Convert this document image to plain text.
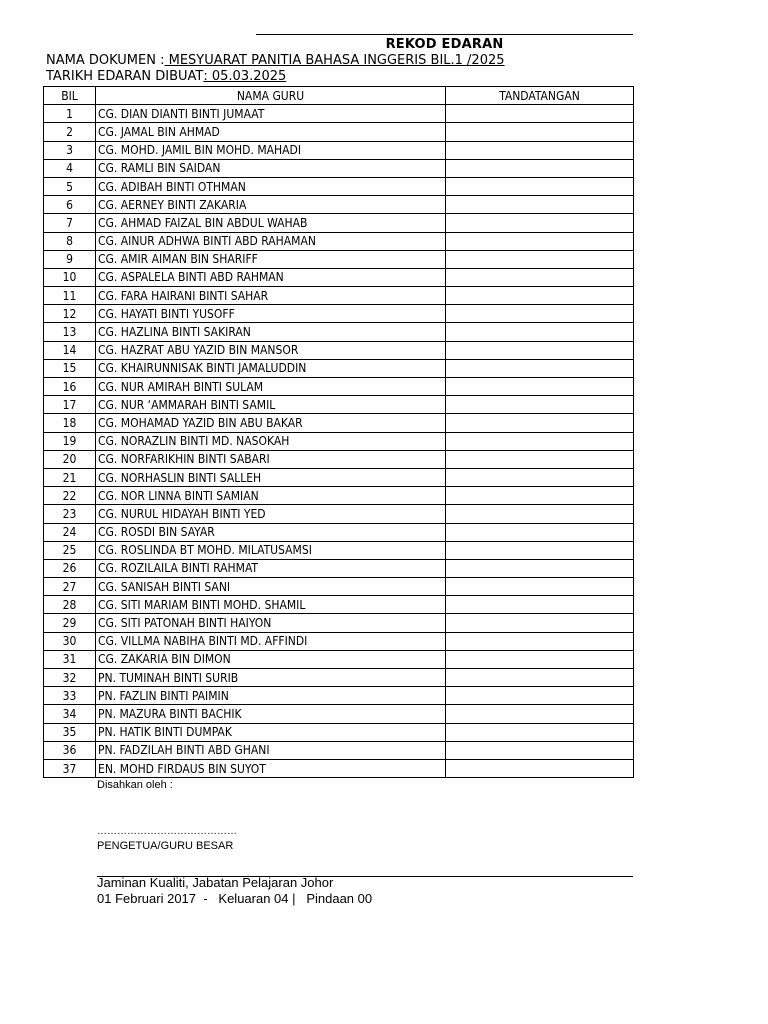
REKOD EDARAN
NAMA DOKUMEN : MESYUARAT PANITIA BAHASA INGGERIS BIL.1 /2025
TARIKH EDARAN DIBUAT: 05.03.2025
BIL	NAMA GURU	TANDATANGAN
1	CG. DIAN DIANTI BINTI JUMAAT	
2	CG. JAMAL BIN AHMAD	
3	CG. MOHD. JAMIL BIN MOHD. MAHADI	
4	CG. RAMLI BIN SAIDAN	
5	CG. ADIBAH BINTI OTHMAN	
6	CG. AERNEY BINTI ZAKARIA	
7	CG. AHMAD FAIZAL BIN ABDUL WAHAB	
8	CG. AINUR ADHWA BINTI ABD RAHAMAN	
9	CG. AMIR AIMAN BIN SHARIFF	
10	CG. ASPALELA BINTI ABD RAHMAN	
11	CG. FARA HAIRANI BINTI SAHAR	
12	CG. HAYATI BINTI YUSOFF	
13	CG. HAZLINA BINTI SAKIRAN	
14	CG. HAZRAT ABU YAZID BIN MANSOR	
15	CG. KHAIRUNNISAK BINTI JAMALUDDIN	
16	CG. NUR AMIRAH BINTI SULAM	
17	CG. NUR ‘AMMARAH BINTI SAMIL	
18	CG. MOHAMAD YAZID BIN ABU BAKAR	
19	CG. NORAZLIN BINTI MD. NASOKAH	
20	CG. NORFARIKHIN BINTI SABARI	
21	CG. NORHASLIN BINTI SALLEH	
22	CG. NOR LINNA BINTI SAMIAN	
23	CG. NURUL HIDAYAH BINTI YED	
24	CG. ROSDI BIN SAYAR	
25	CG. ROSLINDA BT MOHD. MILATUSAMSI	
26	CG. ROZILAILA BINTI RAHMAT	
27	CG. SANISAH BINTI SANI	
28	CG. SITI MARIAM BINTI MOHD. SHAMIL	
29	CG. SITI PATONAH BINTI HAIYON	
30	CG. VILLMA NABIHA BINTI MD. AFFINDI	
31	CG. ZAKARIA BIN DIMON	
32	PN. TUMINAH BINTI SURIB	
33	PN. FAZLIN BINTI PAIMIN	
34	PN. MAZURA BINTI BACHIK	
35	PN. HATIK BINTI DUMPAK	
36	PN. FADZILAH BINTI ABD GHANI	
37	EN. MOHD FIRDAUS BIN SUYOT	
Disahkan oleh :
……………………………………
PENGETUA/GURU BESAR
Jaminan Kualiti, Jabatan Pelajaran Johor
01 Februari 2017  -   Keluaran 04 |   Pindaan 00
